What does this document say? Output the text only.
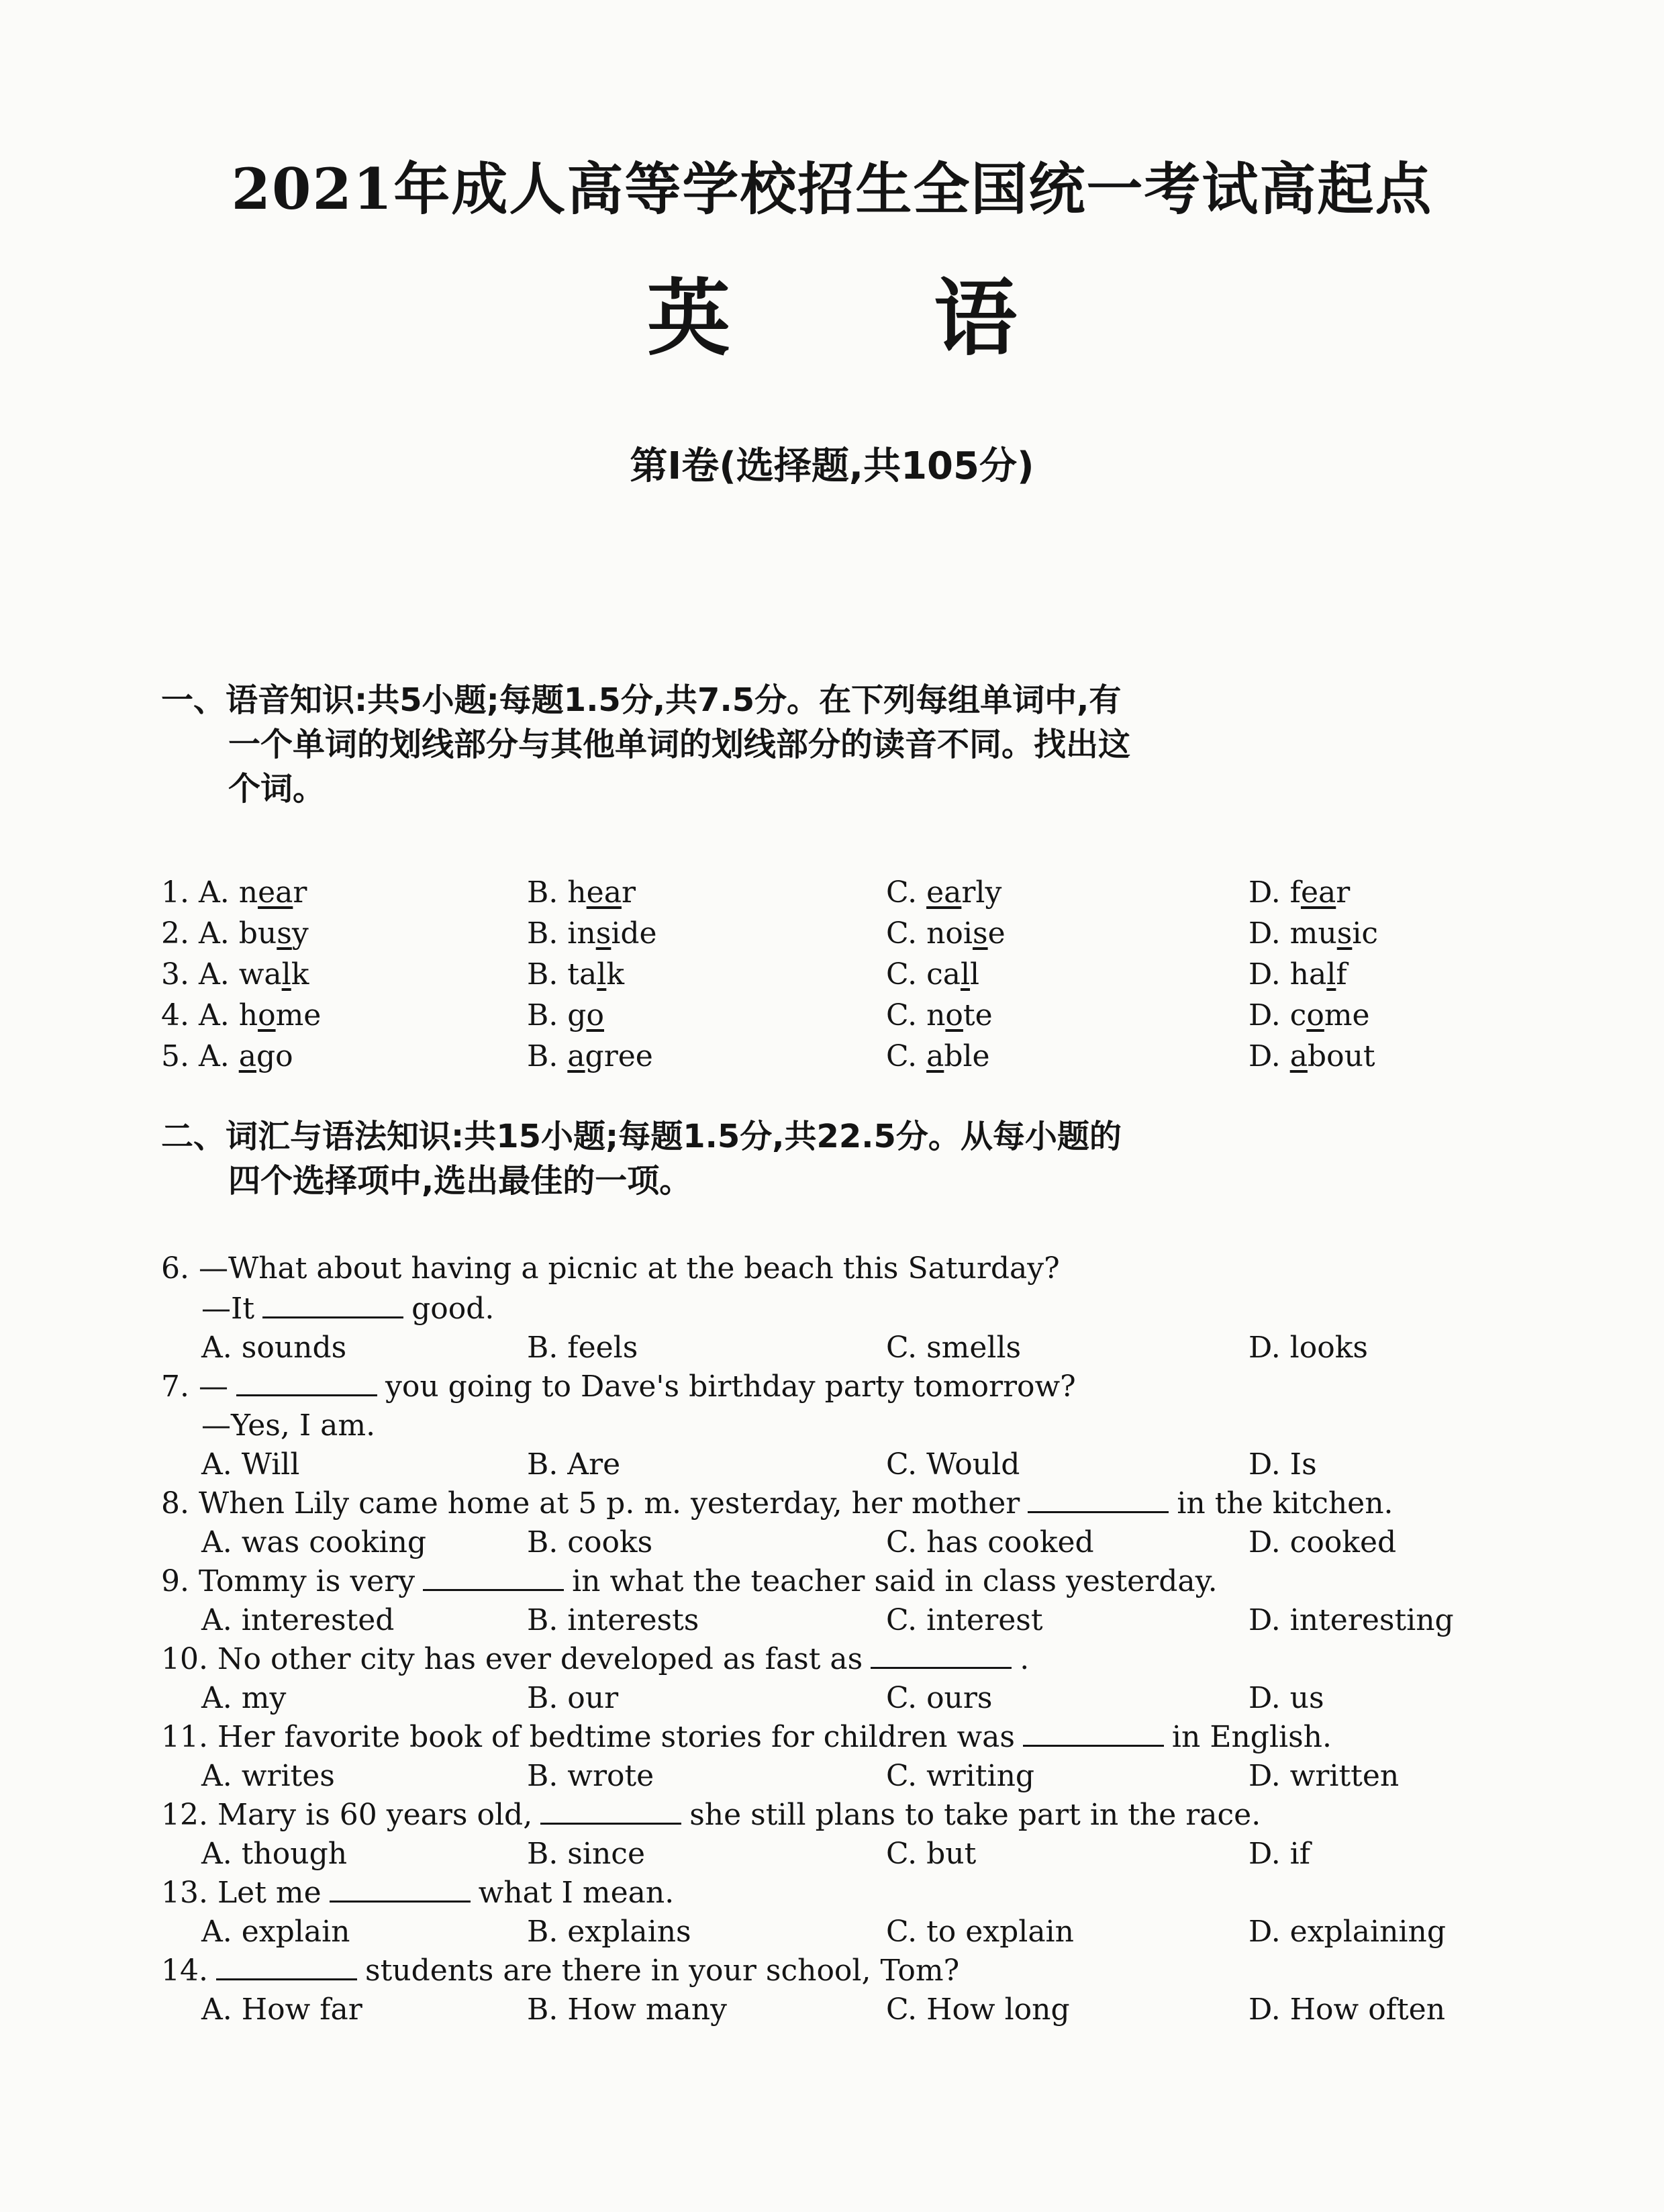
2021年成人高等学校招生全国统一考试高起点
英 语
第Ⅰ卷(选择题,共105分)
一、语音知识:共5小题;每题1.5分,共7.5分。在下列每组单词中,有
一个单词的划线部分与其他单词的划线部分的读音不同。找出这
个词。
1. A. near	B. hear	C. early	D. fear
2. A. busy	B. inside	C. noise	D. music
3. A. walk	B. talk	C. call	D. half
4. A. home	B. go	C. note	D. come
5. A. ago	B. agree	C. able	D. about
二、词汇与语法知识:共15小题;每题1.5分,共22.5分。从每小题的
四个选择项中,选出最佳的一项。
6. —What about having a picnic at the beach this Saturday?
—It	good.
A. sounds	B. feels	C. smells	D. looks
7. —	you going to Dave's birthday party tomorrow?
—Yes, I am.
A. Will	B. Are	C. Would	D. Is
8. When Lily came home at 5 p. m. yesterday, her mother	in the kitchen.
A. was cooking	B. cooks	C. has cooked	D. cooked
9. Tommy is very	in what the teacher said in class yesterday.
A. interested	B. interests	C. interest	D. interesting
10. No other city has ever developed as fast as	.
A. my	B. our	C. ours	D. us
11. Her favorite book of bedtime stories for children was	in English.
A. writes	B. wrote	C. writing	D. written
12. Mary is 60 years old,	she still plans to take part in the race.
A. though	B. since	C. but	D. if
13. Let me	what I mean.
A. explain	B. explains	C. to explain	D. explaining
14.	students are there in your school, Tom?
A. How far	B. How many	C. How long	D. How often
